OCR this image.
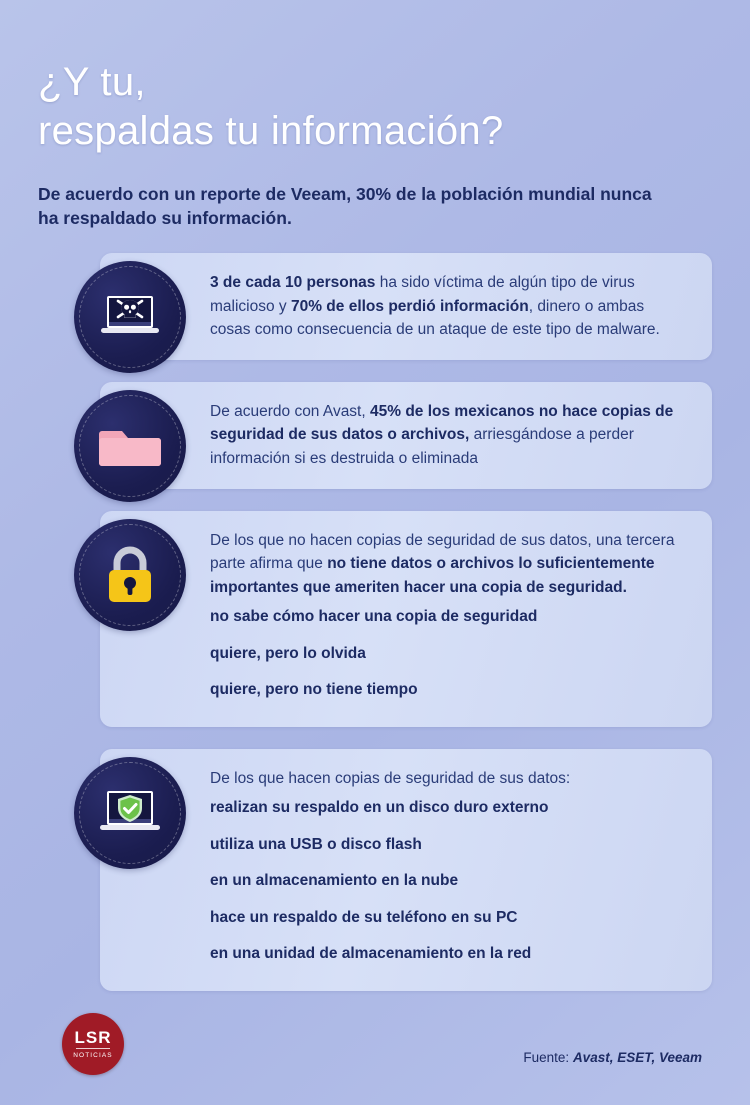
¿Y tu,
respaldas tu información?
De acuerdo con un reporte de Veeam, 30% de la población mundial nunca ha respaldado su información.

3 de cada 10 personas ha sido víctima de algún tipo de virus malicioso y 70% de ellos perdió información, dinero o ambas cosas como consecuencia de un ataque de este tipo de malware.

De acuerdo con Avast, 45% de los mexicanos no hace copias de seguridad de sus datos o archivos, arriesgándose a perder información si es destruida o eliminada

De los que no hacen copias de seguridad de sus datos, una tercera parte afirma que no tiene datos o archivos lo suficientemente importantes que ameriten hacer una copia de seguridad.

no sabe cómo hacer una copia de seguridad
quiere, pero lo olvida
quiere, pero no tiene tiempo

De los que hacen copias de seguridad de sus datos:

realizan su respaldo en un disco duro externo
utiliza una USB o disco flash
en un almacenamiento en la nube
hace un respaldo de su teléfono en su PC
en una unidad de almacenamiento en la red
LSR
NOTICIAS	Fuente: Avast, ESET, Veeam
